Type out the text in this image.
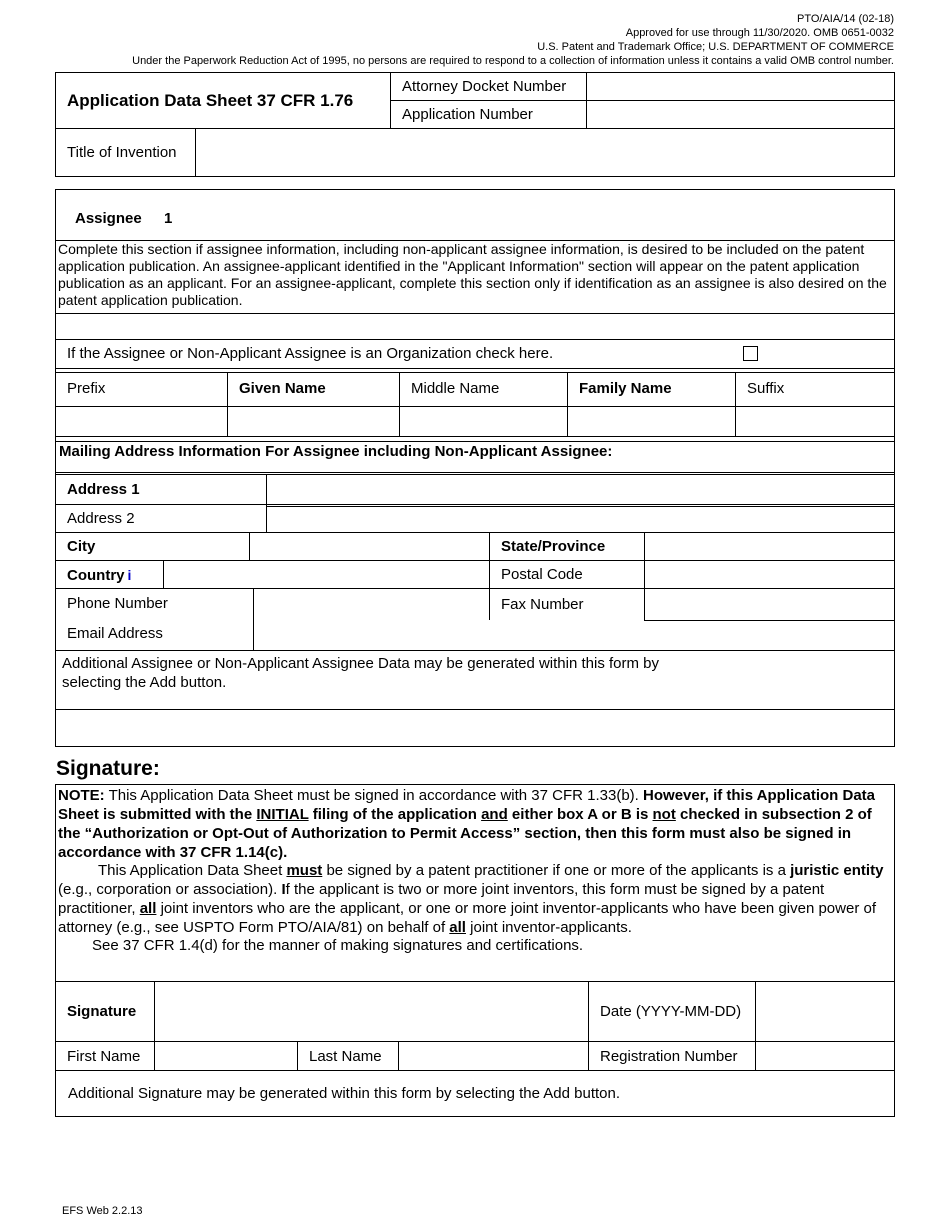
PTO/AIA/14 (02-18)
Approved for use through 11/30/2020. OMB 0651-0032
U.S. Patent and Trademark Office; U.S. DEPARTMENT OF COMMERCE
Under the Paperwork Reduction Act of 1995, no persons are required to respond to a collection of information unless it contains a valid OMB control number.
Application Data Sheet 37 CFR 1.76
Attorney Docket Number
Application Number
Title of Invention
Assignee 1
Complete this section if assignee information, including non-applicant assignee information, is desired to be included on the patent application publication. An assignee-applicant identified in the "Applicant Information" section will appear on the patent application publication as an applicant. For an assignee-applicant, complete this section only if identification as an assignee is also desired on the patent application publication.
If the Assignee or Non-Applicant Assignee is an Organization check here.
Prefix	Given Name	Middle Name	Family Name	Suffix
Mailing Address Information For Assignee including Non-Applicant Assignee:
Address 1
Address 2
City	State/Province
Country i	Postal Code
Phone Number	Fax Number
Email Address
Additional Assignee or Non-Applicant Assignee Data may be generated within this form by
selecting the Add button.
Signature:
NOTE: This Application Data Sheet must be signed in accordance with 37 CFR 1.33(b). However, if this Application Data Sheet is submitted with the INITIAL filing of the application and either box A or B is not checked in subsection 2 of the “Authorization or Opt-Out of Authorization to Permit Access” section, then this form must also be signed in accordance with 37 CFR 1.14(c).
This Application Data Sheet must be signed by a patent practitioner if one or more of the applicants is a juristic entity (e.g., corporation or association). If the applicant is two or more joint inventors, this form must be signed by a patent practitioner, all joint inventors who are the applicant, or one or more joint inventor-applicants who have been given power of attorney (e.g., see USPTO Form PTO/AIA/81) on behalf of all joint inventor-applicants.
See 37 CFR 1.4(d) for the manner of making signatures and certifications.
Signature	Date (YYYY-MM-DD)
First Name	Last Name	Registration Number
Additional Signature may be generated within this form by selecting the Add button.
EFS Web 2.2.13
